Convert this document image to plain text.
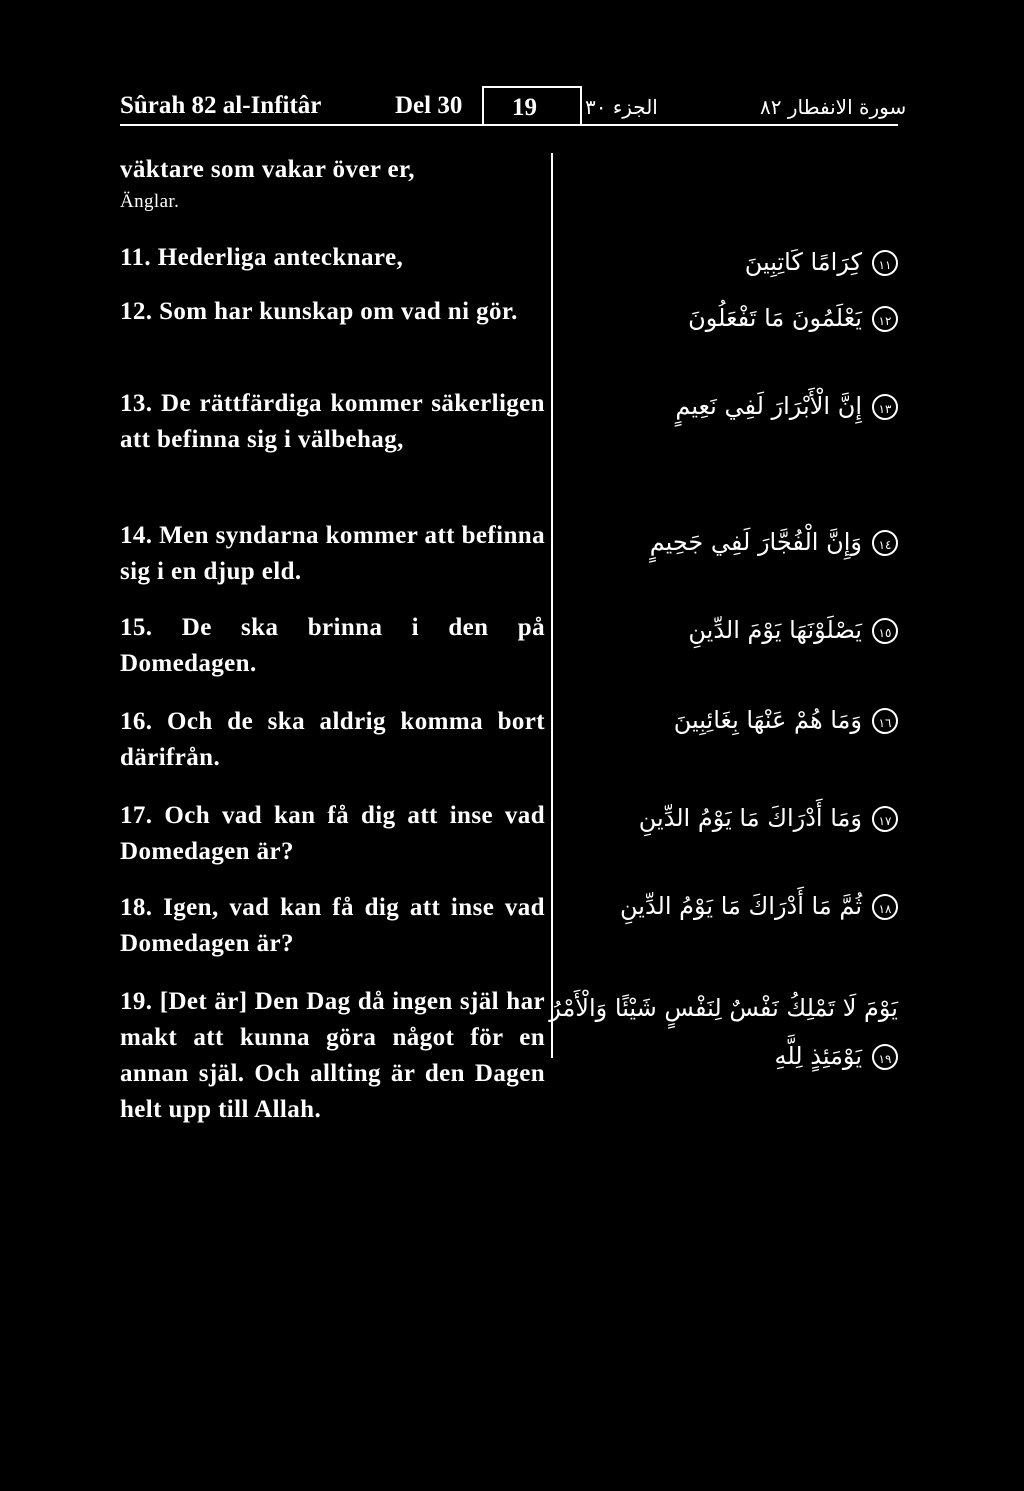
Sûrah 82 al-Infitâr	Del 30 19 الجزء ٣٠	سورة الانفطار ٨٢
väktare som vakar över er,
Änglar.
11. Hederliga antecknare,
12. Som har kunskap om vad ni gör.
13. De rättfärdiga kommer säkerligen att befinna sig i välbehag,
14. Men syndarna kommer att befinna sig i en djup eld.
15. De ska brinna i den på Domedagen.
16. Och de ska aldrig komma bort därifrån.
17. Och vad kan få dig att inse vad Domedagen är?
18. Igen, vad kan få dig att inse vad Domedagen är?
19. [Det är] Den Dag då ingen själ har makt att kunna göra något för en annan själ. Och allting är den Dagen helt upp till Allah.
١١كِرَامًا كَاتِبِينَ
١٢يَعْلَمُونَ مَا تَفْعَلُونَ
١٣إِنَّ الْأَبْرَارَ لَفِي نَعِيمٍ
١٤وَإِنَّ الْفُجَّارَ لَفِي جَحِيمٍ
١٥يَصْلَوْنَهَا يَوْمَ الدِّينِ
١٦وَمَا هُمْ عَنْهَا بِغَائِبِينَ
١٧وَمَا أَدْرَاكَ مَا يَوْمُ الدِّينِ
١٨ثُمَّ مَا أَدْرَاكَ مَا يَوْمُ الدِّينِ
يَوْمَ لَا تَمْلِكُ نَفْسٌ لِنَفْسٍ شَيْئًا وَالْأَمْرُ
١٩يَوْمَئِذٍ لِلَّهِ
